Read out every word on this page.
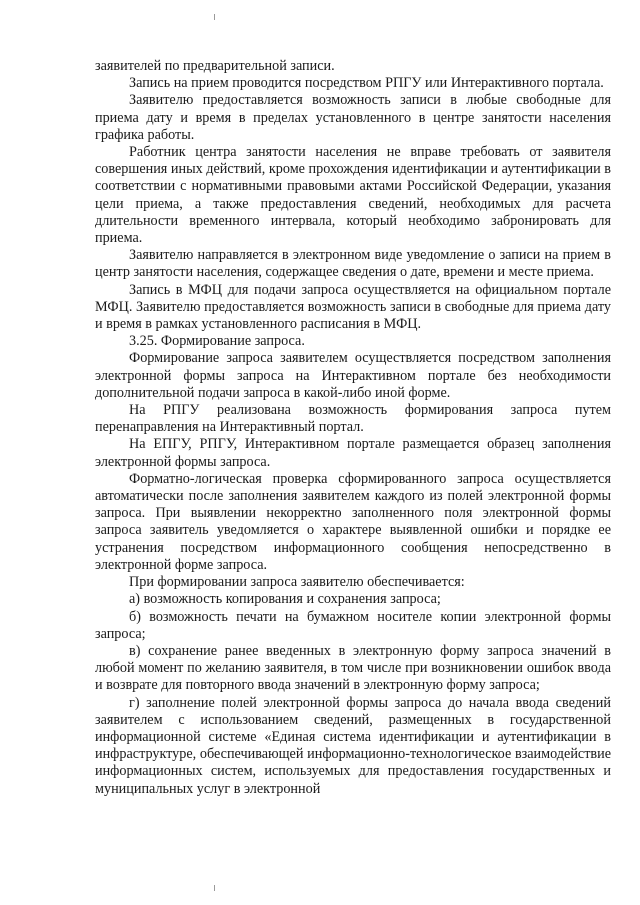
заявителей по предварительной записи.

Запись на прием проводится посредством РПГУ или Интерактивного портала.

Заявителю предоставляется возможность записи в любые свободные для приема дату и время в пределах установленного в центре занятости населения графика работы.

Работник центра занятости населения не вправе требовать от заявителя совершения иных действий, кроме прохождения идентификации и аутентификации в соответствии с нормативными правовыми актами Российской Федерации, указания цели приема, а также предоставления сведений, необходимых для расчета длительности временного интервала, который необходимо забронировать для приема.

Заявителю направляется в электронном виде уведомление о записи на прием в центр занятости населения, содержащее сведения о дате, времени и месте приема.

Запись в МФЦ для подачи запроса осуществляется на официальном портале МФЦ. Заявителю предоставляется возможность записи в свободные для приема дату и время в рамках установленного расписания в МФЦ.

3.25. Формирование запроса.

Формирование запроса заявителем осуществляется посредством заполнения электронной формы запроса на Интерактивном портале без необходимости дополнительной подачи запроса в какой-либо иной форме.

На РПГУ реализована возможность формирования запроса путем перенаправления на Интерактивный портал.

На ЕПГУ, РПГУ, Интерактивном портале размещается образец заполнения электронной формы запроса.

Форматно-логическая проверка сформированного запроса осуществляется автоматически после заполнения заявителем каждого из полей электронной формы запроса. При выявлении некорректно заполненного поля электронной формы запроса заявитель уведомляется о характере выявленной ошибки и порядке ее устранения посредством информационного сообщения непосредственно в электронной форме запроса.

При формировании запроса заявителю обеспечивается:

а) возможность копирования и сохранения запроса;

б) возможность печати на бумажном носителе копии электронной формы запроса;

в) сохранение ранее введенных в электронную форму запроса значений в любой момент по желанию заявителя, в том числе при возникновении ошибок ввода и возврате для повторного ввода значений в электронную форму запроса;

г) заполнение полей электронной формы запроса до начала ввода сведений заявителем с использованием сведений, размещенных в государственной информационной системе «Единая система идентификации и аутентификации в инфраструктуре, обеспечивающей информационно-технологическое взаимодействие информационных систем, используемых для предоставления государственных и муниципальных услуг в электронной
